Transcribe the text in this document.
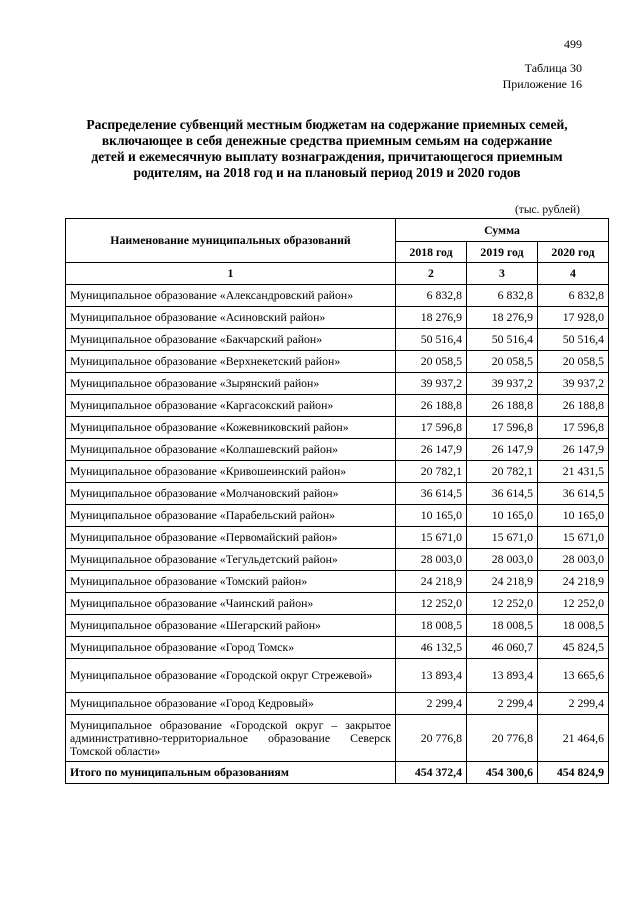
499
Таблица 30
Приложение 16
Распределение субвенций местным бюджетам на содержание приемных семей,
включающее в себя денежные средства приемным семьям на содержание
детей и ежемесячную выплату вознаграждения, причитающегося приемным
родителям, на 2018 год и на плановый период 2019 и 2020 годов
(тыс. рублей)
Наименование муниципальных образований	Сумма		
	2018 год	2019 год	2020 год
1	2	3	4
Муниципальное образование «Александровский район»	6 832,8	6 832,8	6 832,8
Муниципальное образование «Асиновский район»	18 276,9	18 276,9	17 928,0
Муниципальное образование «Бакчарский район»	50 516,4	50 516,4	50 516,4
Муниципальное образование «Верхнекетский район»	20 058,5	20 058,5	20 058,5
Муниципальное образование «Зырянский район»	39 937,2	39 937,2	39 937,2
Муниципальное образование «Каргасокский район»	26 188,8	26 188,8	26 188,8
Муниципальное образование «Кожевниковский район»	17 596,8	17 596,8	17 596,8
Муниципальное образование «Колпашевский район»	26 147,9	26 147,9	26 147,9
Муниципальное образование «Кривошеинский район»	20 782,1	20 782,1	21 431,5
Муниципальное образование «Молчановский район»	36 614,5	36 614,5	36 614,5
Муниципальное образование «Парабельский район»	10 165,0	10 165,0	10 165,0
Муниципальное образование «Первомайский район»	15 671,0	15 671,0	15 671,0
Муниципальное образование «Тегульдетский район»	28 003,0	28 003,0	28 003,0
Муниципальное образование «Томский район»	24 218,9	24 218,9	24 218,9
Муниципальное образование «Чаинский район»	12 252,0	12 252,0	12 252,0
Муниципальное образование «Шегарский район»	18 008,5	18 008,5	18 008,5
Муниципальное образование «Город Томск»	46 132,5	46 060,7	45 824,5
Муниципальное образование «Городской округ Стрежевой»	13 893,4	13 893,4	13 665,6
Муниципальное образование «Город Кедровый»	2 299,4	2 299,4	2 299,4
Муниципальное образование «Городской округ – закрытое административно-территориальное образование Северск Томской области»	20 776,8	20 776,8	21 464,6
Итого по муниципальным образованиям	454 372,4	454 300,6	454 824,9
